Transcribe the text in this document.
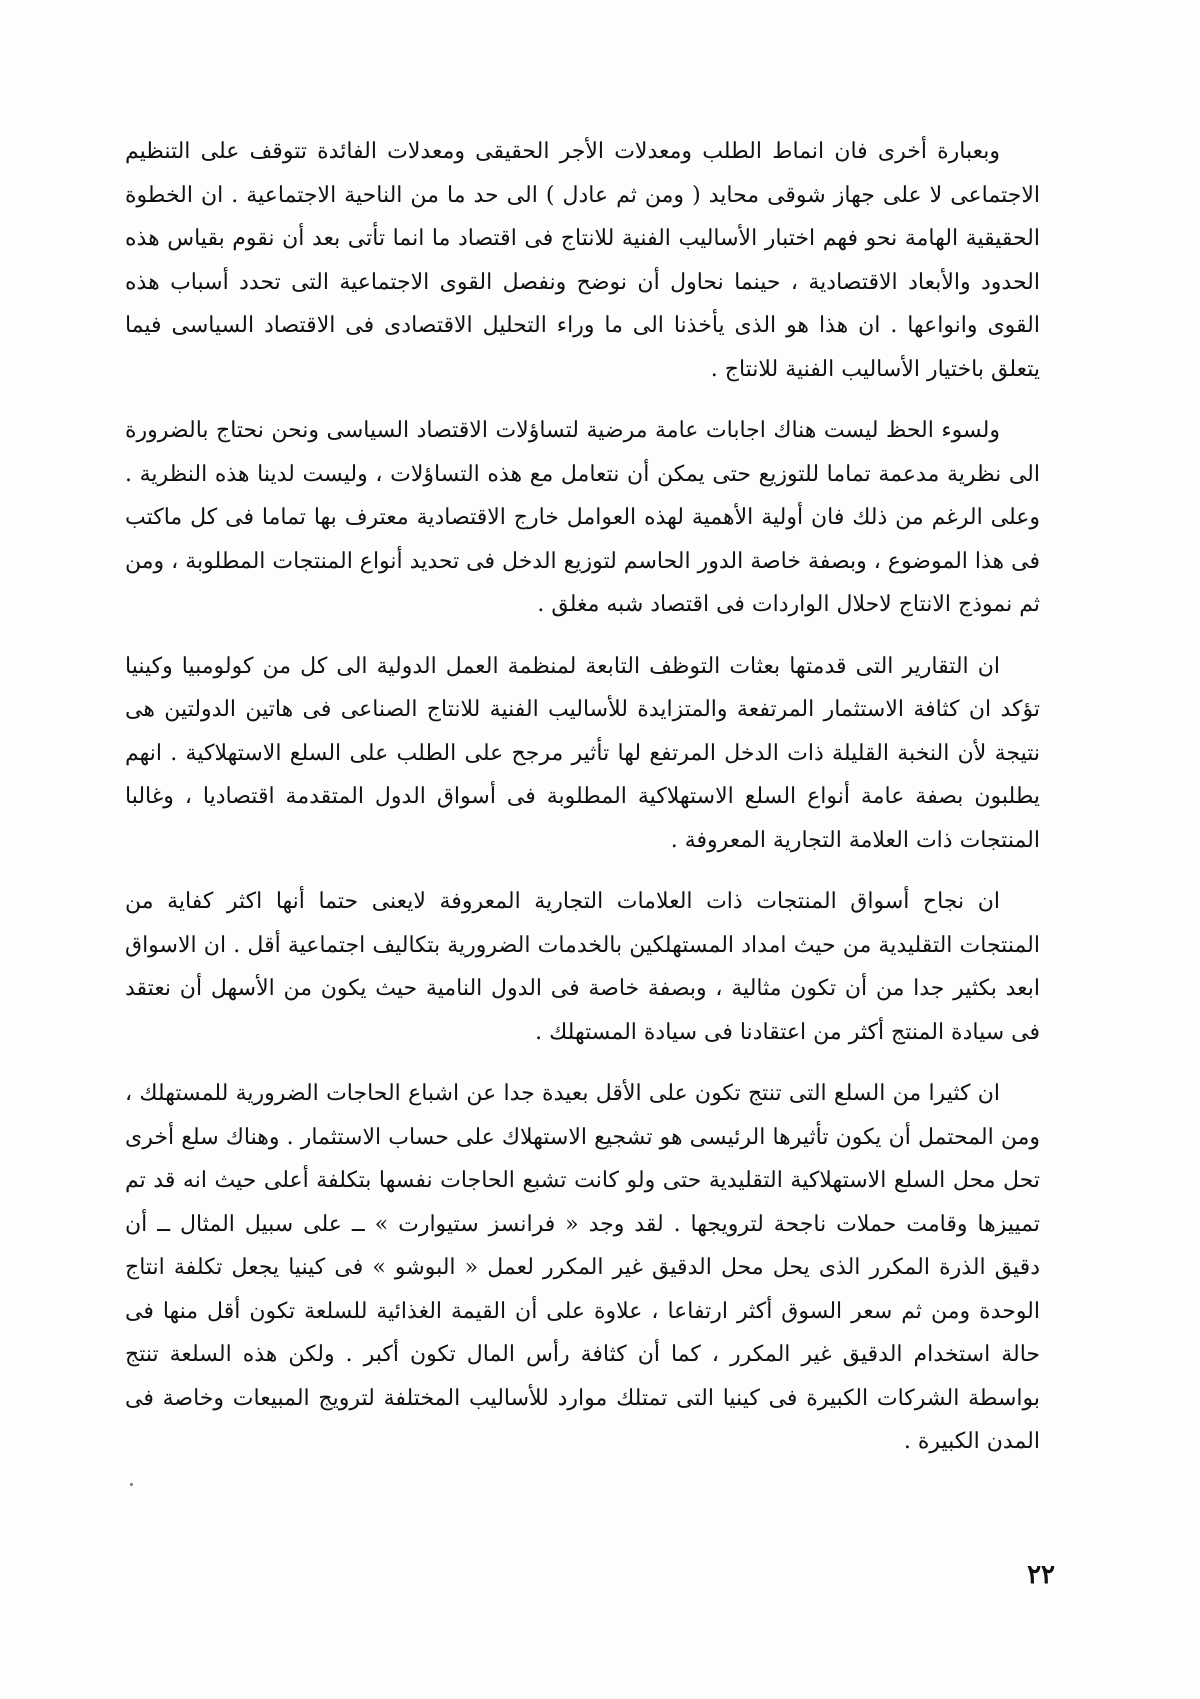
وبعبارة أخرى فان انماط الطلب ومعدلات الأجر الحقيقى ومعدلات الفائدة تتوقف على التنظيم الاجتماعى لا على جهاز شوقى محايد ( ومن ثم عادل ) الى حد ما من الناحية الاجتماعية . ان الخطوة الحقيقية الهامة نحو فهم اختبار الأساليب الفنية للانتاج فى اقتصاد ما انما تأتى بعد أن نقوم بقياس هذه الحدود والأبعاد الاقتصادية ، حينما نحاول أن نوضح ونفصل القوى الاجتماعية التى تحدد أسباب هذه القوى وانواعها . ان هذا هو الذى يأخذنا الى ما وراء التحليل الاقتصادى فى الاقتصاد السياسى فيما يتعلق باختيار الأساليب الفنية للانتاج .

ولسوء الحظ ليست هناك اجابات عامة مرضية لتساؤلات الاقتصاد السياسى ونحن نحتاج بالضرورة الى نظرية مدعمة تماما للتوزيع حتى يمكن أن نتعامل مع هذه التساؤلات ، وليست لدينا هذه النظرية . وعلى الرغم من ذلك فان أولية الأهمية لهذه العوامل خارج الاقتصادية معترف بها تماما فى كل ماكتب فى هذا الموضوع ، وبصفة خاصة الدور الحاسم لتوزيع الدخل فى تحديد أنواع المنتجات المطلوبة ، ومن ثم نموذج الانتاج لاحلال الواردات فى اقتصاد شبه مغلق .

ان التقارير التى قدمتها بعثات التوظف التابعة لمنظمة العمل الدولية الى كل من كولومبيا وكينيا تؤكد ان كثافة الاستثمار المرتفعة والمتزايدة للأساليب الفنية للانتاج الصناعى فى هاتين الدولتين هى نتيجة لأن النخبة القليلة ذات الدخل المرتفع لها تأثير مرجح على الطلب على السلع الاستهلاكية . انهم يطلبون بصفة عامة أنواع السلع الاستهلاكية المطلوبة فى أسواق الدول المتقدمة اقتصاديا ، وغالبا المنتجات ذات العلامة التجارية المعروفة .

ان نجاح أسواق المنتجات ذات العلامات التجارية المعروفة لايعنى حتما أنها اكثر كفاية من المنتجات التقليدية من حيث امداد المستهلكين بالخدمات الضرورية بتكاليف اجتماعية أقل . ان الاسواق ابعد بكثير جدا من أن تكون مثالية ، وبصفة خاصة فى الدول النامية حيث يكون من الأسهل أن نعتقد فى سيادة المنتج أكثر من اعتقادنا فى سيادة المستهلك .

ان كثيرا من السلع التى تنتج تكون على الأقل بعيدة جدا عن اشباع الحاجات الضرورية للمستهلك ، ومن المحتمل أن يكون تأثيرها الرئيسى هو تشجيع الاستهلاك على حساب الاستثمار . وهناك سلع أخرى تحل محل السلع الاستهلاكية التقليدية حتى ولو كانت تشبع الحاجات نفسها بتكلفة أعلى حيث انه قد تم تمييزها وقامت حملات ناجحة لترويجها . لقد وجد « فرانسز ستيوارت » ــ على سبيل المثال ــ أن دقيق الذرة المكرر الذى يحل محل الدقيق غير المكرر لعمل « البوشو » فى كينيا يجعل تكلفة انتاج الوحدة ومن ثم سعر السوق أكثر ارتفاعا ، علاوة على أن القيمة الغذائية للسلعة تكون أقل منها فى حالة استخدام الدقيق غير المكرر ، كما أن كثافة رأس المال تكون أكبر . ولكن هذه السلعة تنتج بواسطة الشركات الكبيرة فى كينيا التى تمتلك موارد للأساليب المختلفة لترويج المبيعات وخاصة فى المدن الكبيرة .

٢٢
